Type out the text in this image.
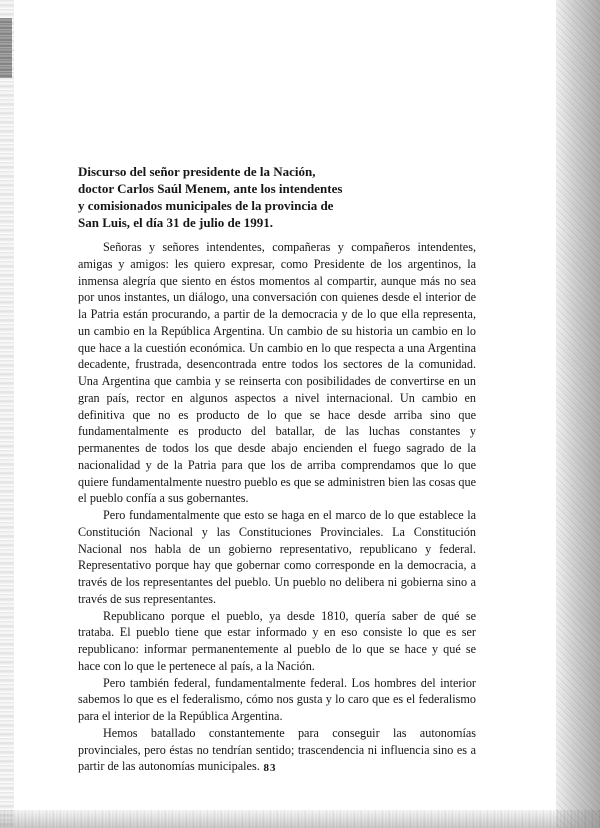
Discurso del señor presidente de la Nación,
doctor Carlos Saúl Menem, ante los intendentes
y comisionados municipales de la provincia de
San Luis, el día 31 de julio de 1991.

Señoras y señores intendentes, compañeras y compañeros intendentes, amigas y amigos: les quiero expresar, como Presidente de los argentinos, la inmensa alegría que siento en éstos momentos al compartir, aunque más no sea por unos instantes, un diálogo, una conversación con quienes desde el interior de la Patria están procurando, a partir de la democracia y de lo que ella representa, un cambio en la República Argentina. Un cambio de su historia un cambio en lo que hace a la cuestión económica. Un cambio en lo que respecta a una Argentina decadente, frustrada, desencontrada entre todos los sectores de la comunidad. Una Argentina que cambia y se reinserta con posibilidades de convertirse en un gran país, rector en algunos aspectos a nivel internacional. Un cambio en definitiva que no es producto de lo que se hace desde arriba sino que fundamentalmente es producto del batallar, de las luchas constantes y permanentes de todos los que desde abajo encienden el fuego sagrado de la nacionalidad y de la Patria para que los de arriba comprendamos que lo que quiere fundamentalmente nuestro pueblo es que se administren bien las cosas que el pueblo confía a sus gobernantes.

Pero fundamentalmente que esto se haga en el marco de lo que establece la Constitución Nacional y las Constituciones Provinciales. La Constitución Nacional nos habla de un gobierno representativo, republicano y federal. Representativo porque hay que gobernar como corresponde en la democracia, a través de los representantes del pueblo. Un pueblo no delibera ni gobierna sino a través de sus representantes.

Republicano porque el pueblo, ya desde 1810, quería saber de qué se trataba. El pueblo tiene que estar informado y en eso consiste lo que es ser republicano: informar permanentemente al pueblo de lo que se hace y qué se hace con lo que le pertenece al país, a la Nación.

Pero también federal, fundamentalmente federal. Los hombres del interior sabemos lo que es el federalismo, cómo nos gusta y lo caro que es el federalismo para el interior de la República Argentina.

Hemos batallado constantemente para conseguir las autonomías provinciales, pero éstas no tendrían sentido; trascendencia ni influencia sino es a partir de las autonomías municipales. 83
